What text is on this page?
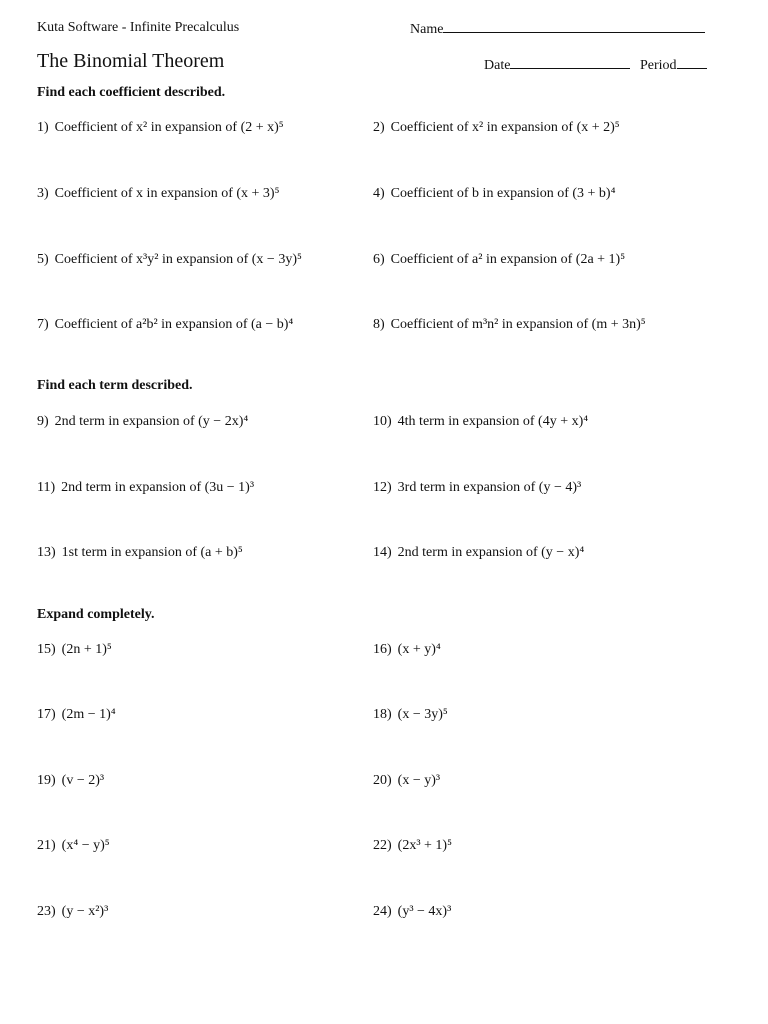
Kuta Software - Infinite Precalculus
The Binomial Theorem
Name
Date	Period
Find each coefficient described.
Find each term described.
Expand completely.
1) Coefficient of x² in expansion of (2 + x)⁵	2) Coefficient of x² in expansion of (x + 2)⁵
3) Coefficient of x in expansion of (x + 3)⁵	4) Coefficient of b in expansion of (3 + b)⁴
5) Coefficient of x³y² in expansion of (x − 3y)⁵	6) Coefficient of a² in expansion of (2a + 1)⁵
7) Coefficient of a²b² in expansion of (a − b)⁴	8) Coefficient of m³n² in expansion of (m + 3n)⁵
9) 2nd term in expansion of (y − 2x)⁴	10) 4th term in expansion of (4y + x)⁴
11) 2nd term in expansion of (3u − 1)³	12) 3rd term in expansion of (y − 4)³
13) 1st term in expansion of (a + b)⁵	14) 2nd term in expansion of (y − x)⁴
15) (2n + 1)⁵	16) (x + y)⁴
17) (2m − 1)⁴	18) (x − 3y)⁵
19) (v − 2)³	20) (x − y)³
21) (x⁴ − y)⁵	22) (2x³ + 1)⁵
23) (y − x²)³	24) (y³ − 4x)³
